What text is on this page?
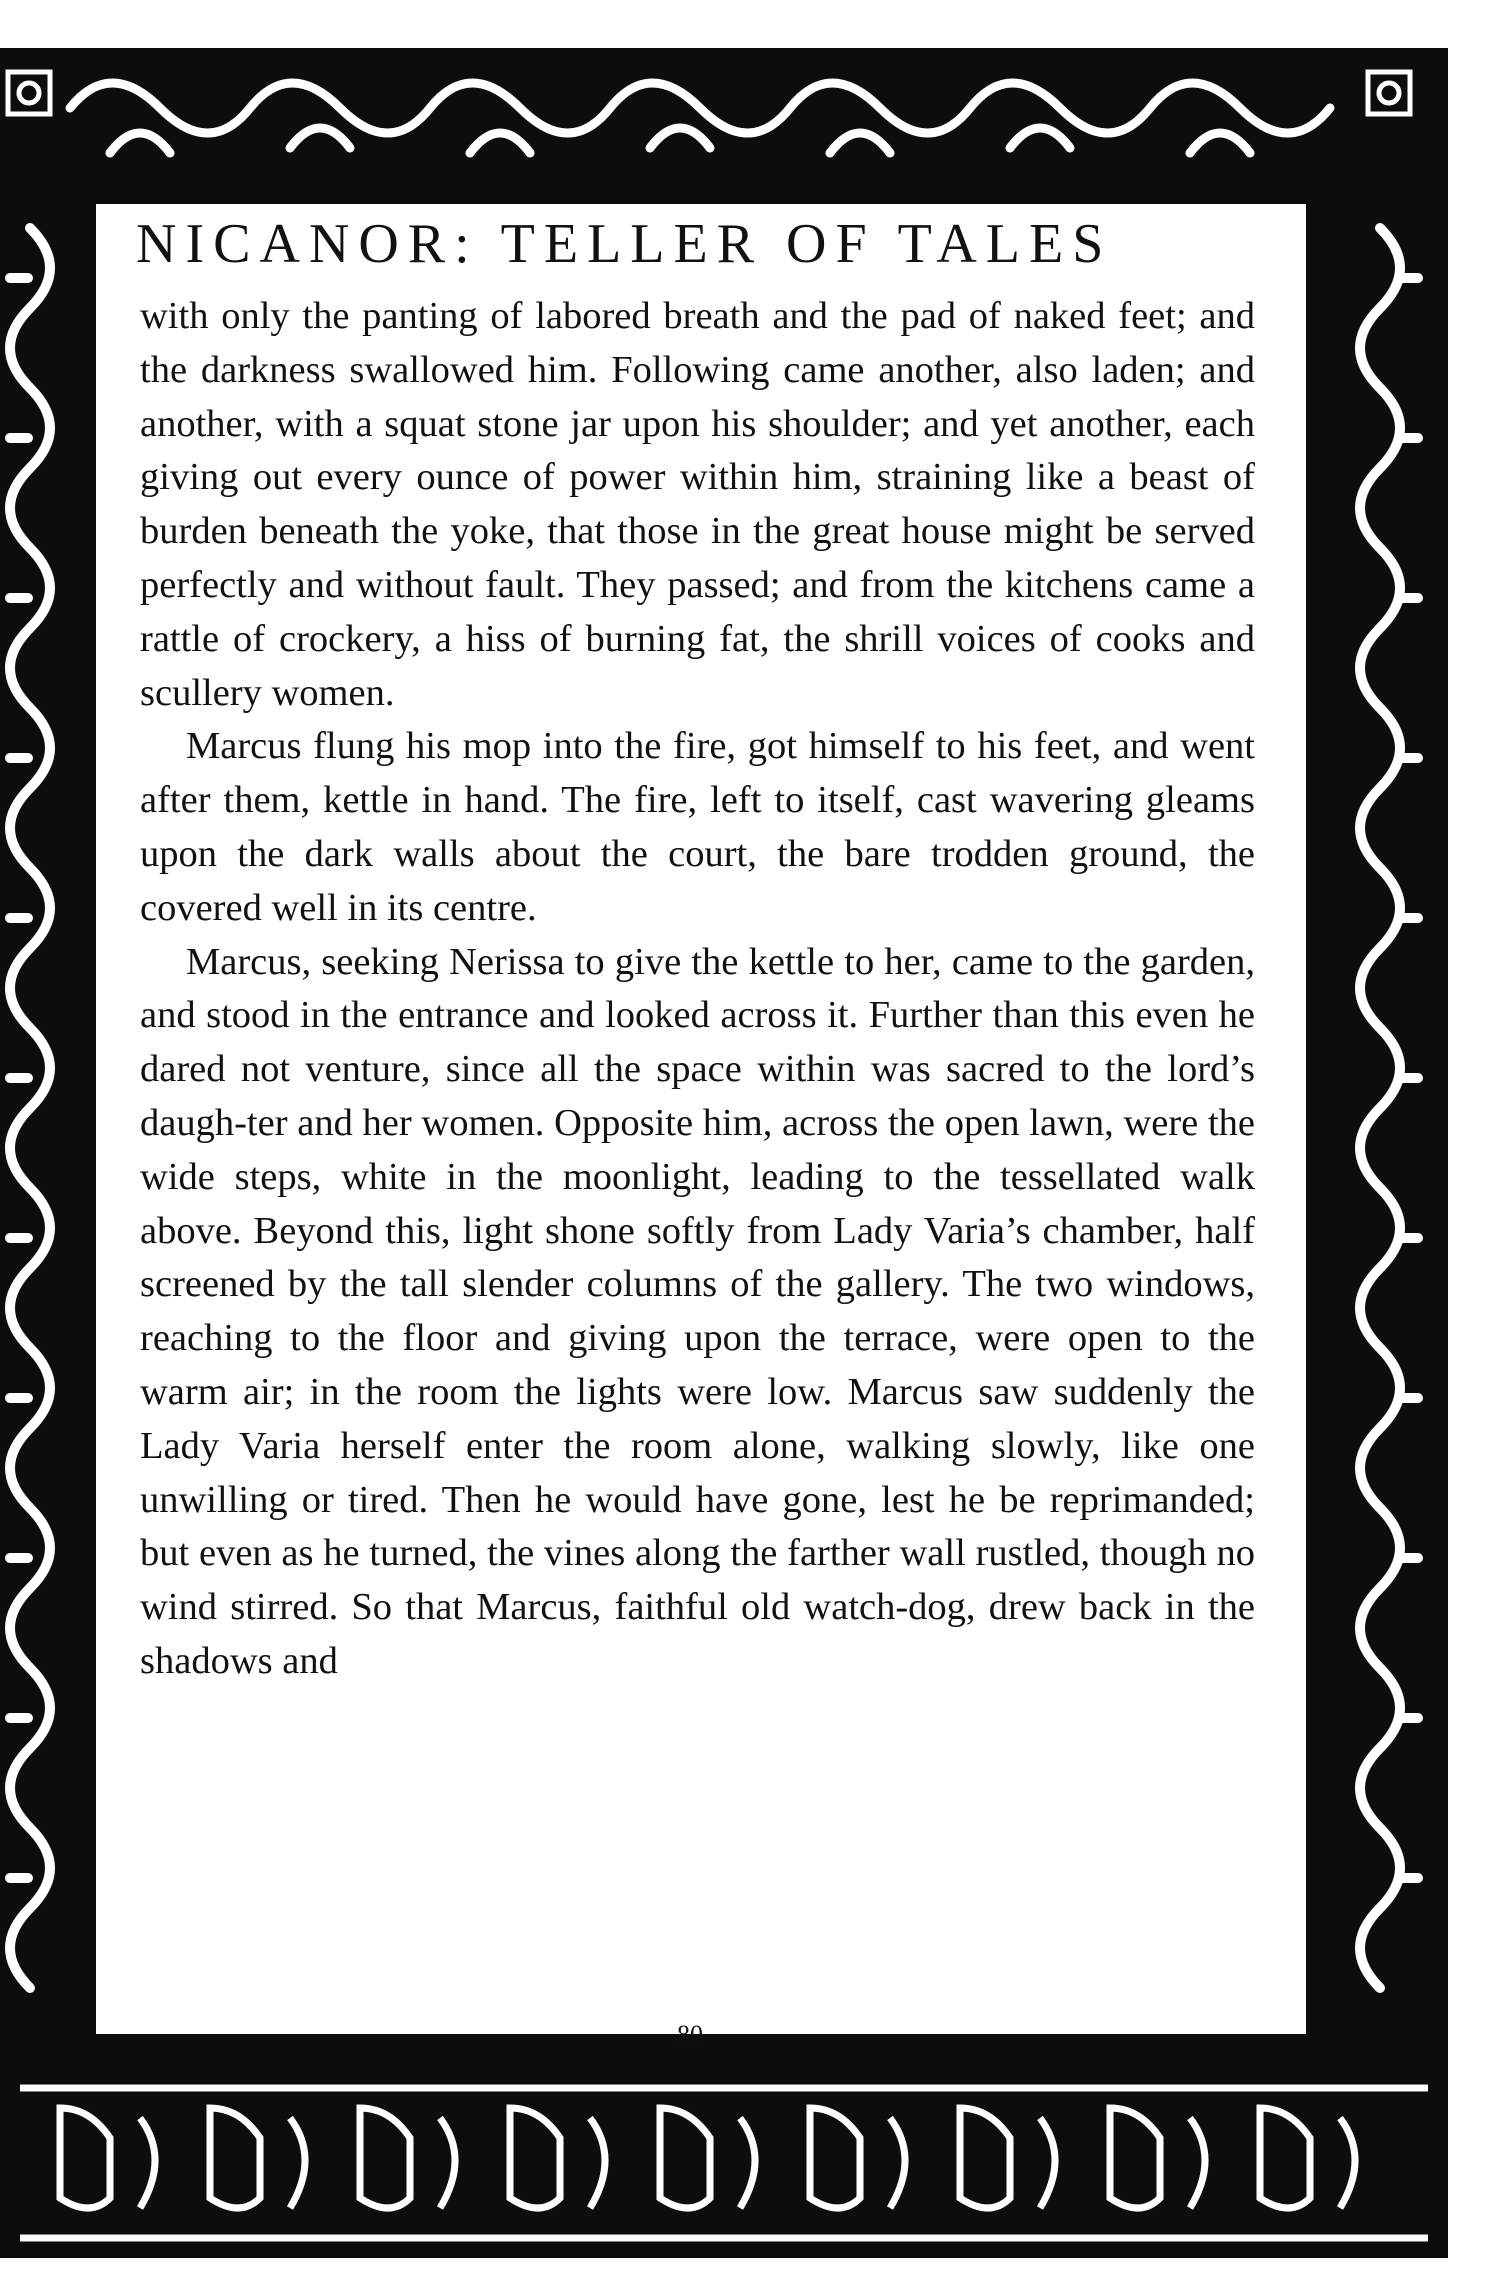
NICANOR: TELLER OF TALES

with only the panting of labored breath and the pad of naked feet; and the darkness swallowed him. Following came another, also laden; and another, with a squat stone jar upon his shoulder; and yet another, each giving out every ounce of power within him, straining like a beast of burden beneath the yoke, that those in the great house might be served perfectly and without fault. They passed; and from the kitchens came a rattle of crockery, a hiss of burning fat, the shrill voices of cooks and scullery women.

Marcus flung his mop into the fire, got himself to his feet, and went after them, kettle in hand. The fire, left to itself, cast wavering gleams upon the dark walls about the court, the bare trodden ground, the covered well in its centre.

Marcus, seeking Nerissa to give the kettle to her, came to the garden, and stood in the entrance and looked across it. Further than this even he dared not venture, since all the space within was sacred to the lord’s daugh-ter and her women. Opposite him, across the open lawn, were the wide steps, white in the moonlight, leading to the tessellated walk above. Beyond this, light shone softly from Lady Varia’s chamber, half screened by the tall slender columns of the gallery. The two windows, reaching to the floor and giving upon the terrace, were open to the warm air; in the room the lights were low. Marcus saw suddenly the Lady Varia herself enter the room alone, walking slowly, like one unwilling or tired. Then he would have gone, lest he be reprimanded; but even as he turned, the vines along the farther wall rustled, though no wind stirred. So that Marcus, faithful old watch-dog, drew back in the shadows and

80
